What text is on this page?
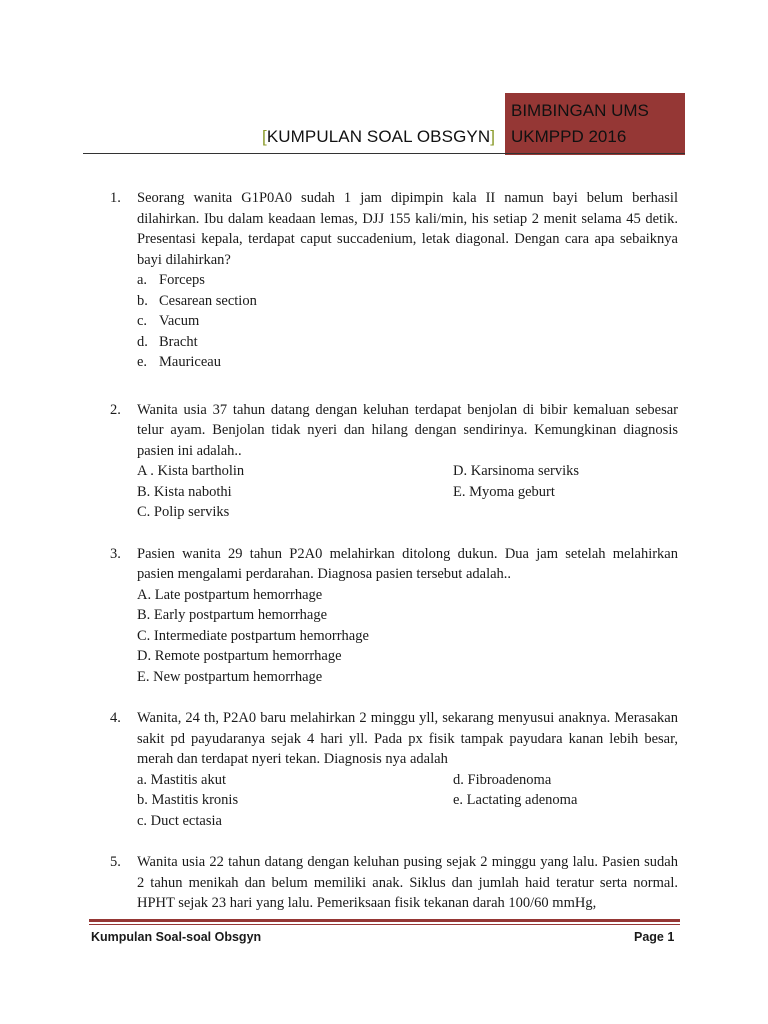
[KUMPULAN SOAL OBSGYN]
BIMBINGAN UMS
UKMPPD 2016
1. Seorang wanita G1P0A0 sudah 1 jam dipimpin kala II namun bayi belum berhasil dilahirkan. Ibu dalam keadaan lemas, DJJ 155 kali/min, his setiap 2 menit selama 45 detik. Presentasi kepala, terdapat caput succadenium, letak diagonal. Dengan cara apa sebaiknya bayi dilahirkan?
a. Forceps
b. Cesarean section
c. Vacum
d. Bracht
e. Mauriceau
2. Wanita usia 37 tahun datang dengan keluhan terdapat benjolan di bibir kemaluan sebesar telur ayam. Benjolan tidak nyeri dan hilang dengan sendirinya. Kemungkinan diagnosis pasien ini adalah..
A . Kista bartholin	D. Karsinoma serviks
B. Kista nabothi	E. Myoma geburt
C. Polip serviks
3. Pasien wanita 29 tahun P2A0 melahirkan ditolong dukun. Dua jam setelah melahirkan pasien mengalami perdarahan. Diagnosa pasien tersebut adalah..
A. Late postpartum hemorrhage
B. Early postpartum hemorrhage
C. Intermediate postpartum hemorrhage
D. Remote postpartum hemorrhage
E. New postpartum hemorrhage
4. Wanita, 24 th, P2A0 baru melahirkan 2 minggu yll, sekarang menyusui anaknya. Merasakan sakit pd payudaranya sejak 4 hari yll. Pada px fisik tampak payudara kanan lebih besar, merah dan terdapat nyeri tekan. Diagnosis nya adalah
a. Mastitis akut	d. Fibroadenoma
b. Mastitis kronis	e. Lactating adenoma
c. Duct ectasia
5. Wanita usia 22 tahun datang dengan keluhan pusing sejak 2 minggu yang lalu. Pasien sudah 2 tahun menikah dan belum memiliki anak. Siklus dan jumlah haid teratur serta normal. HPHT sejak 23 hari yang lalu. Pemeriksaan fisik tekanan darah 100/60 mmHg,
Kumpulan Soal-soal Obsgyn	Page 1
